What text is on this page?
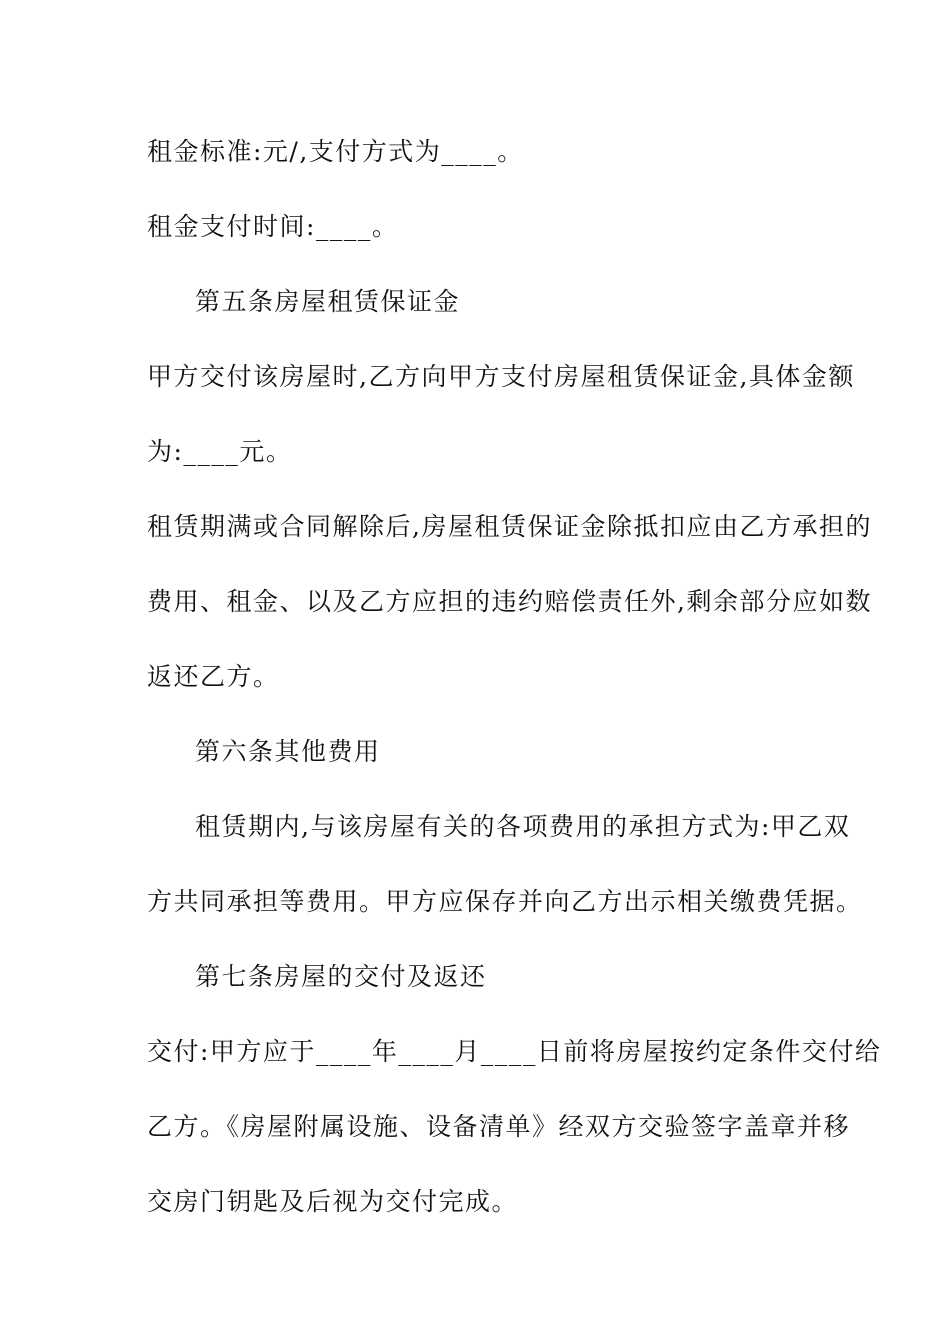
租金标准:元/,支付方式为____。
租金支付时间:____。
第五条房屋租赁保证金
甲方交付该房屋时,乙方向甲方支付房屋租赁保证金,具体金额
为:____元。
租赁期满或合同解除后,房屋租赁保证金除抵扣应由乙方承担的
费用、租金、以及乙方应担的违约赔偿责任外,剩余部分应如数
返还乙方。
第六条其他费用
租赁期内,与该房屋有关的各项费用的承担方式为:甲乙双
方共同承担等费用。甲方应保存并向乙方出示相关缴费凭据。
第七条房屋的交付及返还
交付:甲方应于____年____月____日前将房屋按约定条件交付给
乙方。《房屋附属设施、设备清单》经双方交验签字盖章并移
交房门钥匙及后视为交付完成。
